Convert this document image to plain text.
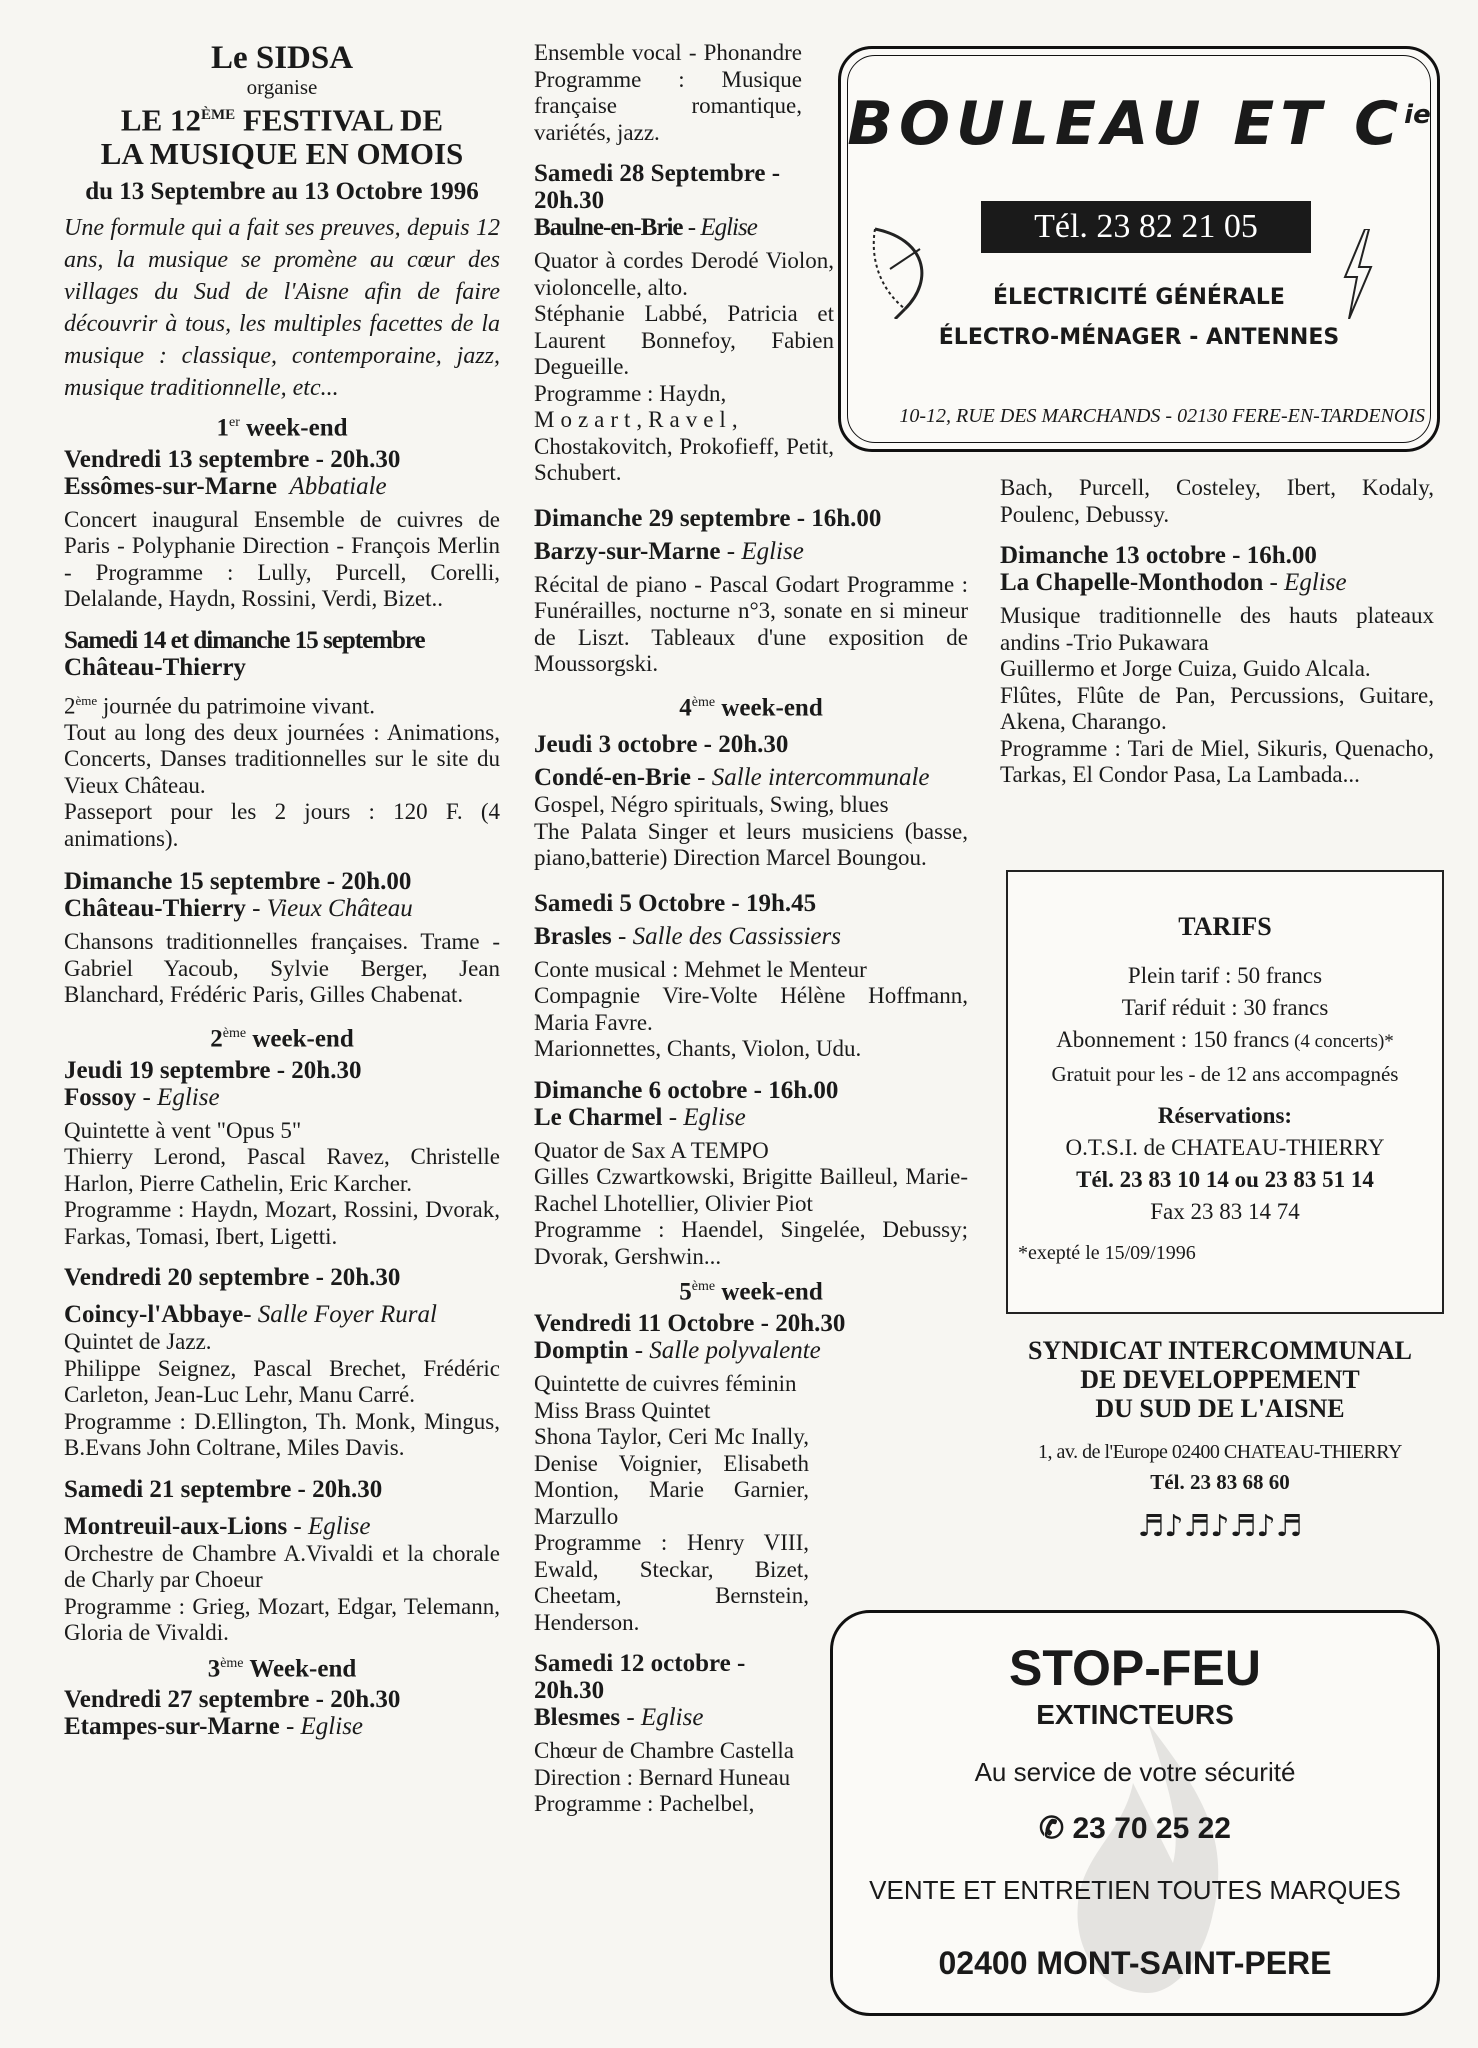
Le SIDSA
organise
LE 12ÈME FESTIVAL DE
LA MUSIQUE EN OMOIS
du 13 Septembre au 13 Octobre 1996
Une formule qui a fait ses preuves, depuis 12 ans, la musique se promène au cœur des villages du Sud de l'Aisne afin de faire découvrir à tous, les multiples facettes de la musique : classique, contemporaine, jazz, musique traditionnelle, etc...
1er week-end
Vendredi 13 septembre - 20h.30
Essômes-sur-Marne Abbatiale
Concert inaugural Ensemble de cuivres de Paris - Polyphanie Direction - François Merlin - Programme : Lully, Purcell, Corelli, Delalande, Haydn, Rossini, Verdi, Bizet..
Samedi 14 et dimanche 15 septembre
Château-Thierry
2ème journée du patrimoine vivant.
Tout au long des deux journées : Animations, Concerts, Danses traditionnelles sur le site du Vieux Château.
Passeport pour les 2 jours : 120 F. (4 animations).
Dimanche 15 septembre - 20h.00
Château-Thierry - Vieux Château
Chansons traditionnelles françaises. Trame - Gabriel Yacoub, Sylvie Berger, Jean Blanchard, Frédéric Paris, Gilles Chabenat.
2ème week-end
Jeudi 19 septembre - 20h.30
Fossoy - Eglise
Quintette à vent "Opus 5"
Thierry Lerond, Pascal Ravez, Christelle Harlon, Pierre Cathelin, Eric Karcher.
Programme : Haydn, Mozart, Rossini, Dvorak, Farkas, Tomasi, Ibert, Ligetti.
Vendredi 20 septembre - 20h.30
Coincy-l'Abbaye- Salle Foyer Rural
Quintet de Jazz.
Philippe Seignez, Pascal Brechet, Frédéric Carleton, Jean-Luc Lehr, Manu Carré.
Programme : D.Ellington, Th. Monk, Mingus, B.Evans John Coltrane, Miles Davis.
Samedi 21 septembre - 20h.30
Montreuil-aux-Lions - Eglise
Orchestre de Chambre A.Vivaldi et la chorale de Charly par Choeur
Programme : Grieg, Mozart, Edgar, Telemann, Gloria de Vivaldi.
3ème Week-end
Vendredi 27 septembre - 20h.30
Etampes-sur-Marne - Eglise
Ensemble vocal - Phonandre Programme : Musique française romantique, variétés, jazz.
Samedi 28 Septembre - 20h.30
Baulne-en-Brie - Eglise
Quator à cordes Derodé Violon, violoncelle, alto.
Stéphanie Labbé, Patricia et Laurent Bonnefoy, Fabien Degueille.
Programme : Haydn,
Mozart,Ravel,
Chostakovitch, Prokofieff, Petit, Schubert.
Dimanche 29 septembre - 16h.00
Barzy-sur-Marne - Eglise
Récital de piano - Pascal Godart Programme : Funérailles, nocturne n°3, sonate en si mineur de Liszt. Tableaux d'une exposition de Moussorgski.
4ème week-end
Jeudi 3 octobre - 20h.30
Condé-en-Brie - Salle intercommunale
Gospel, Négro spirituals, Swing, blues
The Palata Singer et leurs musiciens (basse, piano,batterie) Direction Marcel Boungou.
Samedi 5 Octobre - 19h.45
Brasles - Salle des Cassissiers
Conte musical : Mehmet le Menteur
Compagnie Vire-Volte Hélène Hoffmann, Maria Favre.
Marionnettes, Chants, Violon, Udu.
Dimanche 6 octobre - 16h.00
Le Charmel - Eglise
Quator de Sax A TEMPO
Gilles Czwartkowski, Brigitte Bailleul, Marie-Rachel Lhotellier, Olivier Piot
Programme : Haendel, Singelée, Debussy; Dvorak, Gershwin...
5ème week-end
Vendredi 11 Octobre - 20h.30
Domptin - Salle polyvalente
Quintette de cuivres féminin
Miss Brass Quintet
Shona Taylor, Ceri Mc Inally, Denise Voignier, Elisabeth Montion, Marie Garnier, Marzullo
Programme : Henry VIII, Ewald, Steckar, Bizet, Cheetam, Bernstein, Henderson.
Samedi 12 octobre - 20h.30
Blesmes - Eglise
Chœur de Chambre Castella
Direction : Bernard Huneau
Programme : Pachelbel,
BOULEAU ET $C^{ie}$
Tél. 23 82 21 05
ÉLECTRICITÉ GÉNÉRALE
ÉLECTRO-MÉNAGER - ANTENNES
10-12, RUE DES MARCHANDS - 02130 FERE-EN-TARDENOIS
Bach, Purcell, Costeley, Ibert, Kodaly, Poulenc, Debussy.
Dimanche 13 octobre - 16h.00
La Chapelle-Monthodon - Eglise
Musique traditionnelle des hauts plateaux andins -Trio Pukawara
Guillermo et Jorge Cuiza, Guido Alcala.
Flûtes, Flûte de Pan, Percussions, Guitare, Akena, Charango.
Programme : Tari de Miel, Sikuris, Quenacho, Tarkas, El Condor Pasa, La Lambada...
TARIFS
Plein tarif : 50 francs
Tarif réduit : 30 francs
Abonnement : 150 francs (4 concerts)*
Gratuit pour les - de 12 ans accompagnés
Réservations:
O.T.S.I. de CHATEAU-THIERRY
Tél. 23 83 10 14 ou 23 83 51 14
Fax 23 83 14 74
*exepté le 15/09/1996
SYNDICAT INTERCOMMUNAL
DE DEVELOPPEMENT
DU SUD DE L'AISNE
1, av. de l'Europe 02400 CHATEAU-THIERRY
Tél. 23 83 68 60
♬♪♬♪♬♪♬
STOP-FEU
EXTINCTEURS
Au service de votre sécurité
✆ 23 70 25 22
VENTE ET ENTRETIEN TOUTES MARQUES
02400 MONT-SAINT-PERE
